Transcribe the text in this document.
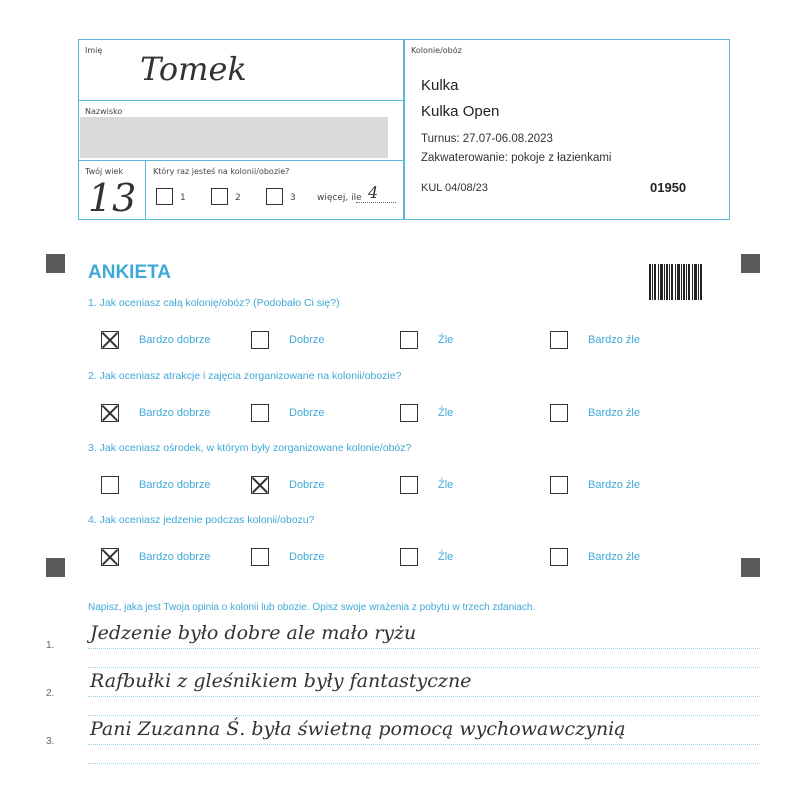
Imię Tomek
Nazwisko
Twój wiek
13
Który raz jesteś na kolonii/obozie?
1	2	3 więcej, ile 4
Kolonie/obóz
Kulka
Kulka Open
Turnus: 27.07-06.08.2023
Zakwaterowanie: pokoje z łazienkami
KUL 04/08/23	01950
ANKIETA
1. Jak oceniasz całą kolonię/obóz? (Podobało Ci się?)
Bardzo dobrze	Dobrze	Źle	Bardzo źle
2. Jak oceniasz atrakcje i zajęcia zorganizowane na kolonii/obozie?
Bardzo dobrze	Dobrze	Źle	Bardzo źle
3. Jak oceniasz ośrodek, w którym były zorganizowane kolonie/obóz?
Bardzo dobrze	Dobrze	Źle	Bardzo źle
4. Jak oceniasz jedzenie podczas kolonii/obozu?
Bardzo dobrze	Dobrze	Źle	Bardzo źle
Napisz, jaka jest Twoja opinia o kolonii lub obozie. Opisz swoje wrażenia z pobytu w trzech zdaniach.
1.
Jedzenie było dobre ale mało ryżu
2.
Rafbułki z gleśnikiem były fantastyczne
3.
Pani Zuzanna Ś. była świetną pomocą wychowawczynią
